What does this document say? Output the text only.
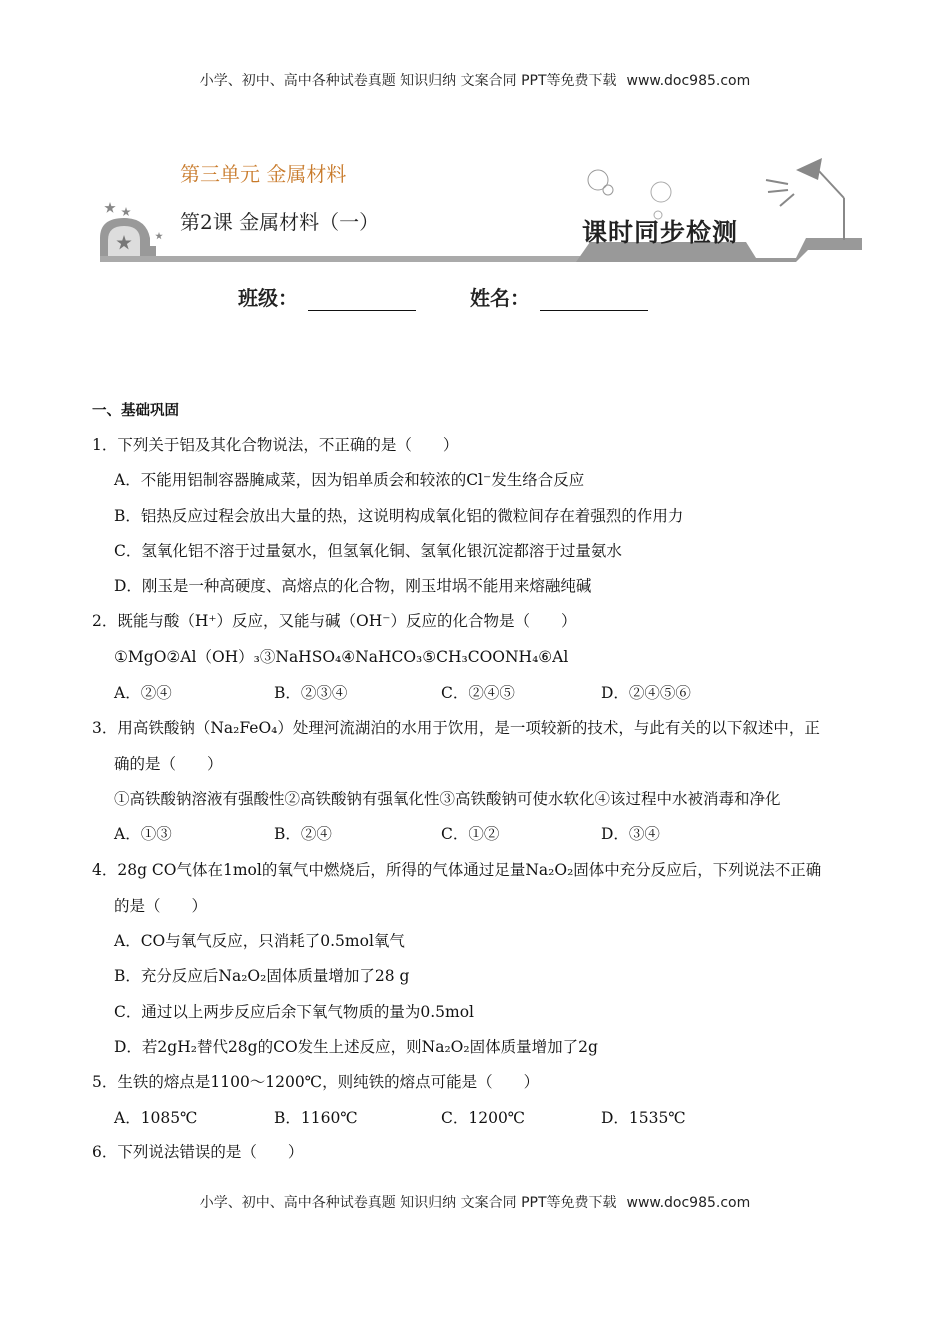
小学、初中、高中各种试卷真题 知识归纳 文案合同 PPT等免费下载 www.doc985.com
第三单元 金属材料
第2课 金属材料（一）	课时同步检测
班级：	姓名：
一、基础巩固
1．下列关于铝及其化合物说法，不正确的是（　　）
A．不能用铝制容器腌咸菜，因为铝单质会和较浓的Cl⁻发生络合反应
B．铝热反应过程会放出大量的热，这说明构成氧化铝的微粒间存在着强烈的作用力
C．氢氧化铝不溶于过量氨水，但氢氧化铜、氢氧化银沉淀都溶于过量氨水
D．刚玉是一种高硬度、高熔点的化合物，刚玉坩埚不能用来熔融纯碱
2．既能与酸（H⁺）反应，又能与碱（OH⁻）反应的化合物是（　　）
①MgO②Al（OH）₃③NaHSO₄④NaHCO₃⑤CH₃COONH₄⑥Al
A．②④	B．②③④	C．②④⑤	D．②④⑤⑥
3．用高铁酸钠（Na₂FeO₄）处理河流湖泊的水用于饮用，是一项较新的技术，与此有关的以下叙述中，正
确的是（　　）
①高铁酸钠溶液有强酸性②高铁酸钠有强氧化性③高铁酸钠可使水软化④该过程中水被消毒和净化
A．①③	B．②④	C．①②	D．③④
4．28g CO气体在1mol的氧气中燃烧后，所得的气体通过足量Na₂O₂固体中充分反应后，下列说法不正确
的是（　　）
A．CO与氧气反应，只消耗了0.5mol氧气
B．充分反应后Na₂O₂固体质量增加了28 g
C．通过以上两步反应后余下氧气物质的量为0.5mol
D．若2gH₂替代28g的CO发生上述反应，则Na₂O₂固体质量增加了2g
5．生铁的熔点是1100～1200℃，则纯铁的熔点可能是（　　）
A．1085℃	B．1160℃	C．1200℃	D．1535℃
6．下列说法错误的是（　　）
小学、初中、高中各种试卷真题 知识归纳 文案合同 PPT等免费下载 www.doc985.com
